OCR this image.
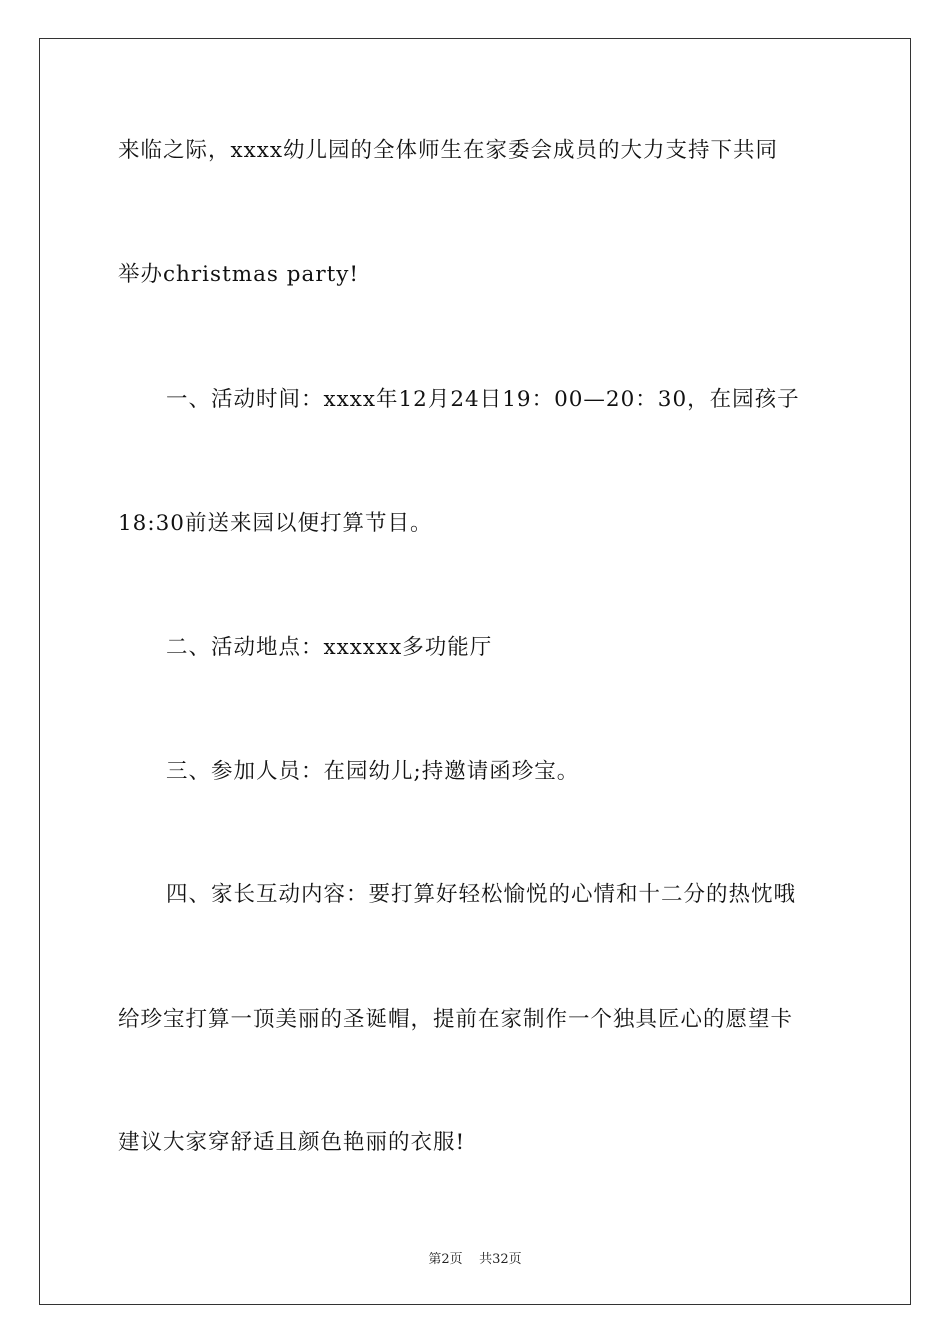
来临之际，xxxx幼儿园的全体师生在家委会成员的大力支持下共同
举办christmas party!
一、活动时间：xxxx年12月24日19：00—20：30，在园孩子
18:30前送来园以便打算节目。
二、活动地点：xxxxxx多功能厅
三、参加人员：在园幼儿;持邀请函珍宝。
四、家长互动内容：要打算好轻松愉悦的心情和十二分的热忱哦
给珍宝打算一顶美丽的圣诞帽，提前在家制作一个独具匠心的愿望卡
建议大家穿舒适且颜色艳丽的衣服!
第2页 共32页
